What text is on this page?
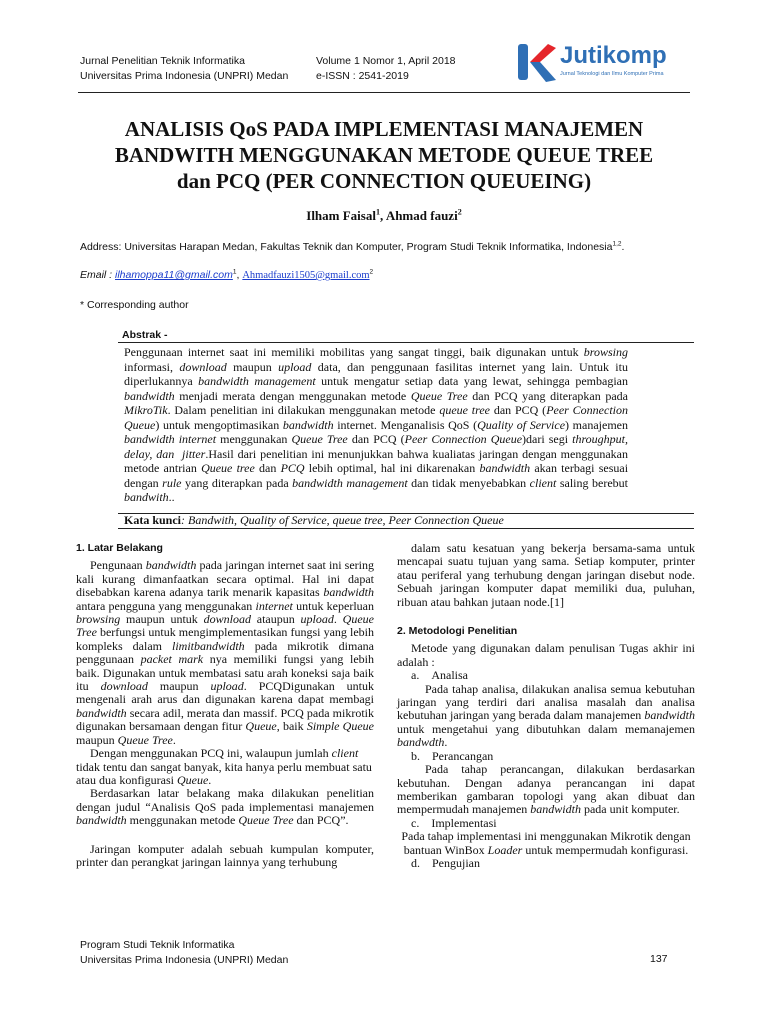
Jurnal Penelitian Teknik Informatika
Universitas Prima Indonesia (UNPRI) Medan
Volume 1 Nomor 1, April 2018
e-ISSN : 2541-2019
Jutikomp
Jurnal Teknologi dan Ilmu Komputer Prima
ANALISIS QoS PADA IMPLEMENTASI MANAJEMEN
BANDWITH MENGGUNAKAN METODE QUEUE TREE
dan PCQ (PER CONNECTION QUEUEING)
Ilham Faisal$^1$, Ahmad fauzi$^2$
Address: Universitas Harapan Medan, Fakultas Teknik dan Komputer, Program Studi Teknik Informatika, Indonesia$^{1,2}$.
Email : ilhamoppa11@gmail.com$^1$, Ahmadfauzi1505@gmail.com$^2$
* Corresponding author
Abstrak -
Penggunaan internet saat ini memiliki mobilitas yang sangat tinggi, baik digunakan untuk browsing informasi, download maupun upload data, dan penggunaan fasilitas internet yang lain. Untuk itu diperlukannya bandwidth management untuk mengatur setiap data yang lewat, sehingga pembagian bandwidth menjadi merata dengan menggunakan metode Queue Tree dan PCQ yang diterapkan pada MikroTik. Dalam penelitian ini dilakukan menggunakan metode queue tree dan PCQ (Peer Connection Queue) untuk mengoptimasikan bandwidth internet. Menganalisis QoS (Quality of Service) manajemen bandwidth internet menggunakan Queue Tree dan PCQ (Peer Connection Queue)dari segi throughput, delay, dan  jitter.Hasil dari penelitian ini menunjukkan bahwa kualiatas jaringan dengan menggunakan metode antrian Queue tree dan PCQ lebih optimal, hal ini dikarenakan bandwidth akan terbagi sesuai dengan rule yang diterapkan pada bandwidth management dan tidak menyebabkan client saling berebut bandwith..
Kata kunci: Bandwith, Quality of Service, queue tree, Peer Connection Queue
1. Latar Belakang

Pengunaan bandwidth pada jaringan internet saat ini sering kali kurang dimanfaatkan secara optimal. Hal ini dapat disebabkan karena adanya tarik menarik kapasitas bandwidth antara pengguna yang menggunakan internet untuk keperluan browsing maupun untuk download ataupun upload. Queue Tree berfungsi untuk mengimplementasikan fungsi yang lebih kompleks dalam limitbandwidth pada mikrotik dimana penggunaan packet mark nya memiliki fungsi yang lebih baik. Digunakan untuk membatasi satu arah koneksi saja baik itu download maupun upload. PCQDigunakan untuk mengenali arah arus dan digunakan karena dapat membagi bandwidth secara adil, merata dan massif. PCQ pada mikrotik digunakan bersamaan dengan fitur Queue, baik Simple Queue maupun Queue Tree.

Dengan menggunakan PCQ ini, walaupun jumlah client tidak tentu dan sangat banyak, kita hanya perlu membuat satu atau dua konfigurasi Queue.

Berdasarkan latar belakang maka dilakukan penelitian dengan judul “Analisis QoS pada implementasi manajemen bandwidth menggunakan metode Queue Tree dan PCQ”.

Jaringan komputer adalah sebuah kumpulan komputer, printer dan perangkat jaringan lainnya yang terhubung

dalam satu kesatuan yang bekerja bersama-sama untuk mencapai suatu tujuan yang sama. Setiap komputer, printer atau periferal yang terhubung dengan jaringan disebut node. Sebuah jaringan komputer dapat memiliki dua, puluhan, ribuan atau bahkan jutaan node.[1]

2. Metodologi Penelitian

Metode yang digunakan dalam penulisan Tugas akhir ini adalah :

a.    Analisa

Pada tahap analisa, dilakukan analisa semua kebutuhan jaringan yang terdiri dari analisa masalah dan analisa kebutuhan jaringan yang berada dalam manajemen bandwidth untuk mengetahui yang dibutuhkan dalam memanajemen bandwdth.

b.    Perancangan

Pada tahap perancangan, dilakukan berdasarkan kebutuhan. Dengan adanya perancangan ini dapat memberikan gambaran topologi yang akan dibuat dan mempermudah manajemen bandwidth pada unit komputer.

c.    Implementasi

Pada tahap implementasi ini menggunakan Mikrotik dengan bantuan WinBox Loader untuk mempermudah konfigurasi.

d.    Pengujian

Program Studi Teknik Informatika
Universitas Prima Indonesia (UNPRI) Medan	137
